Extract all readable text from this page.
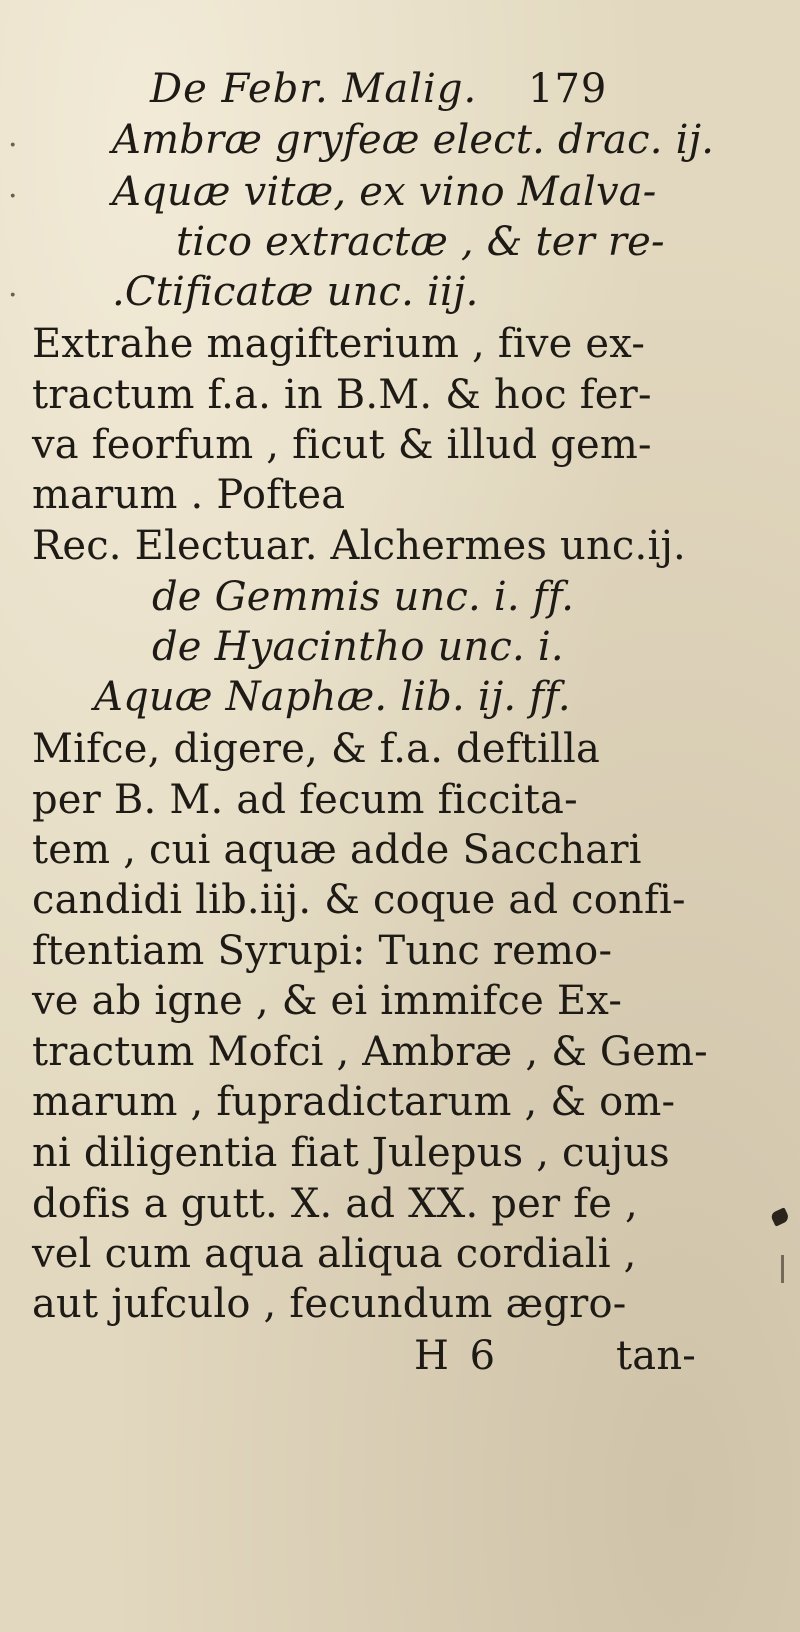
·
·
·
De Febr. Malig. 179
Ambræ gryfeæ elect. drac. ij.
Aquæ vitæ, ex vino Malva-
tico extractæ , & ter re-
.Ctificatæ unc. iij.
Extrahe magifterium , five ex-
tractum f.a. in B.M. & hoc fer-
va feorfum , ficut & illud gem-
marum . Poftea
Rec. Electuar. Alchermes unc.ij.
de Gemmis unc. i. ff.
de Hyacintho unc. i.
Aquæ Naphæ. lib. ij. ff.
Mifce, digere, & f.a. deftilla
per B. M. ad fecum ficcita-
tem , cui aquæ adde Sacchari
candidi lib.iij. & coque ad confi-
ftentiam Syrupi: Tunc remo-
ve ab igne , & ei immifce Ex-
tractum Mofci , Ambræ , & Gem-
marum , fupradictarum , & om-
ni diligentia fiat Julepus , cujus
dofis a gutt. X. ad XX. per fe ,
vel cum aqua aliqua cordiali ,
aut jufculo , fecundum ægro-
H 6	tan-
